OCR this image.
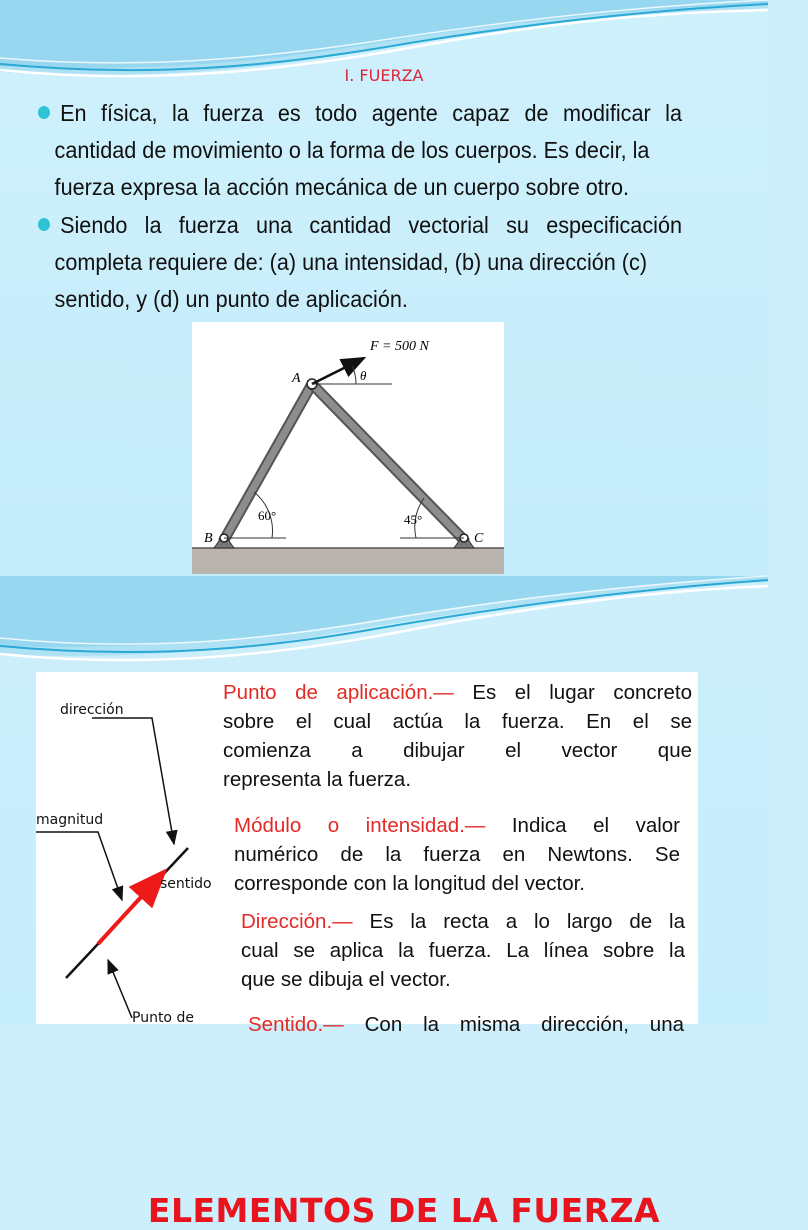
I. FUERZA
En física, la fuerza es todo agente capaz de modificar la
cantidad de movimiento o la forma de los cuerpos. Es decir, la
fuerza expresa la acción mecánica de un cuerpo sobre otro.
Siendo la fuerza una cantidad vectorial su especificación
completa requiere de: (a) una intensidad, (b) una dirección (c)
sentido, y (d) un punto de aplicación.
F = 500 N
θ
A
B	C
60°	45°
ELEMENTOS DE LA FUERZA
dirección
magnitud
sentido
Punto de
Punto de aplicación.— Es el lugar concreto
sobre el cual actúa la fuerza. En el se
comienza a dibujar el vector que
representa la fuerza.
Módulo o intensidad.— Indica el valor
numérico de la fuerza en Newtons. Se
corresponde con la longitud del vector.
Dirección.— Es la recta a lo largo de la
cual se aplica la fuerza. La línea sobre la
que se dibuja el vector.
Sentido.— Con la misma dirección, una
